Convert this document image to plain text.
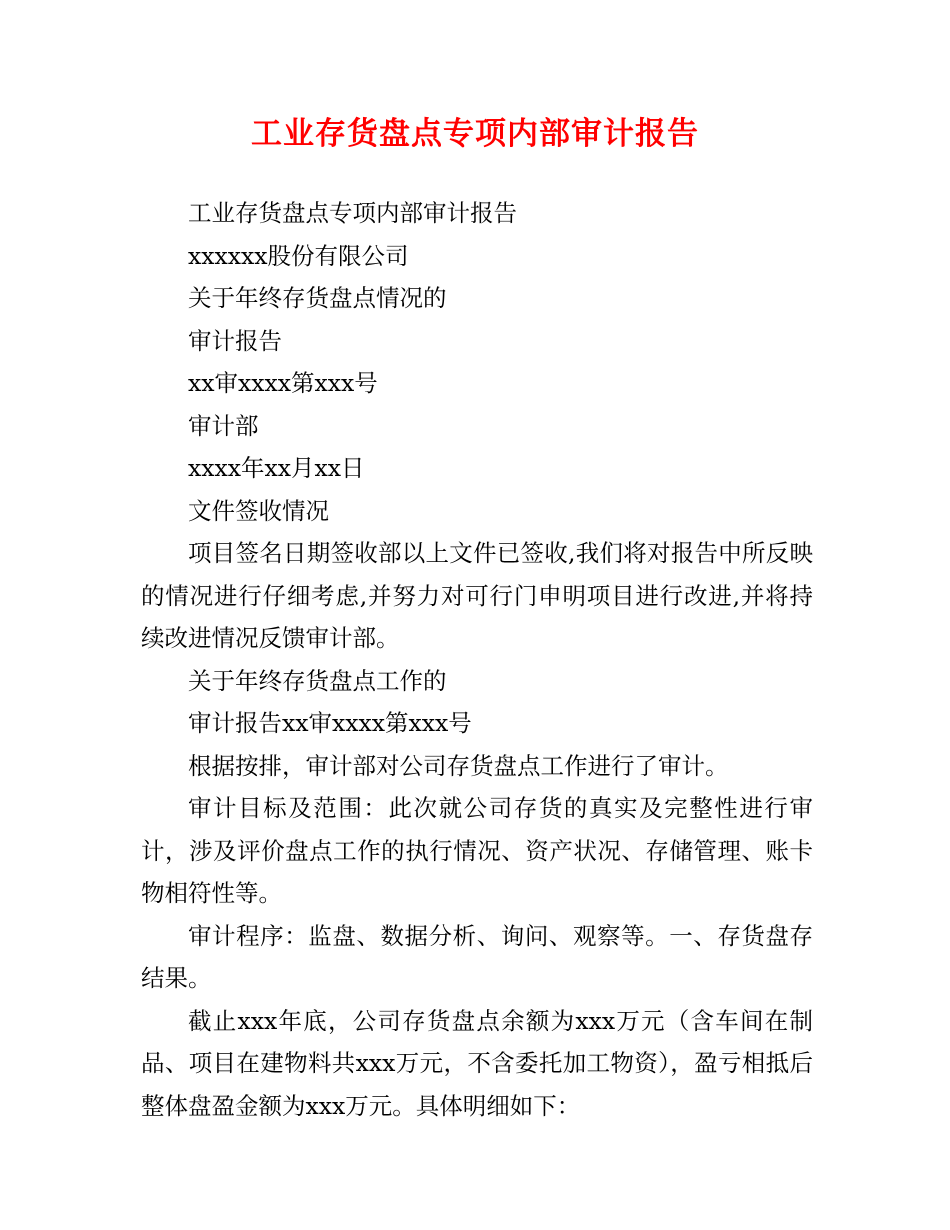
工业存货盘点专项内部审计报告

工业存货盘点专项内部审计报告

xxxxxx股份有限公司

关于年终存货盘点情况的

审计报告

xx审xxxx第xxx号

审计部

xxxx年xx月xx日

文件签收情况

项目签名日期签收部以上文件已签收,我们将对报告中所反映的情况进行仔细考虑,并努力对可行门申明项目进行改进,并将持续改进情况反馈审计部。

关于年终存货盘点工作的

审计报告xx审xxxx第xxx号

根据按排，审计部对公司存货盘点工作进行了审计。

审计目标及范围：此次就公司存货的真实及完整性进行审计，涉及评价盘点工作的执行情况、资产状况、存储管理、账卡物相符性等。

审计程序：监盘、数据分析、询问、观察等。一、存货盘存结果。

截止xxx年底，公司存货盘点余额为xxx万元（含车间在制品、项目在建物料共xxx万元，不含委托加工物资），盈亏相抵后整体盘盈金额为xxx万元。具体明细如下：
